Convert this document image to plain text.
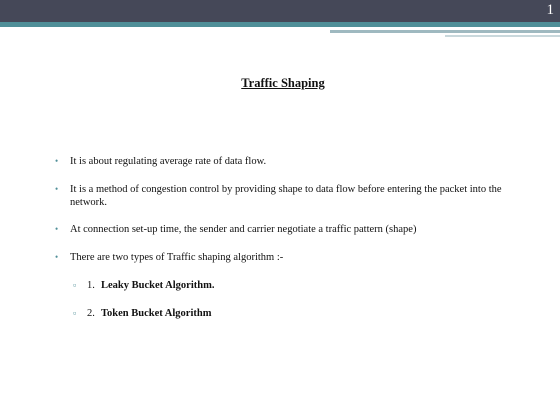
1
Traffic Shaping
• It is about regulating average rate of data flow.
• It is a method of congestion control by providing shape to data flow before entering the packet into the network.
• At connection set-up time, the sender and carrier negotiate a traffic pattern (shape)
• There are two types of Traffic shaping algorithm :-
▫ 1. Leaky Bucket Algorithm.
▫ 2. Token Bucket Algorithm
